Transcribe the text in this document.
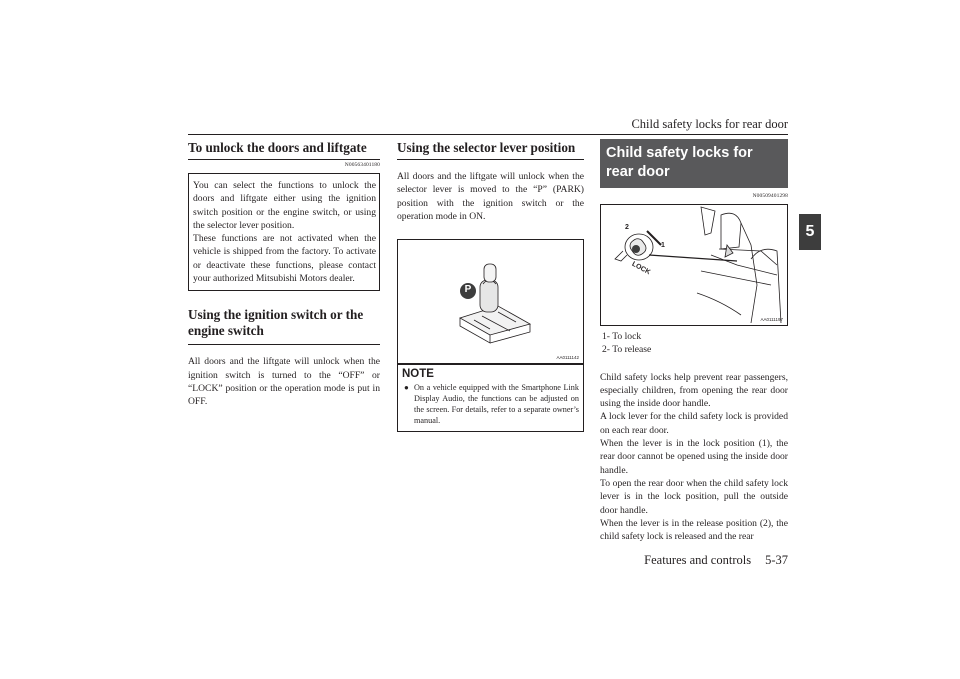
Child safety locks for rear door
5
To unlock the doors and liftgate
N00563401180
You can select the functions to unlock the doors and liftgate either using the ignition switch position or the engine switch, or using the selector lever position.
These functions are not activated when the vehicle is shipped from the factory. To activate or deactivate these functions, please contact your authorized Mitsubishi Motors dealer.
Using the ignition switch or the engine switch
All doors and the liftgate will unlock when the ignition switch is turned to the “OFF” or “LOCK” position or the operation mode is put in OFF.
Using the selector lever position
All doors and the liftgate will unlock when the selector lever is moved to the “P” (PARK) position with the ignition switch or the operation mode in ON.
P
AA0111142
NOTE
● On a vehicle equipped with the Smartphone Link Display Audio, the functions can be adjusted on the screen. For details, refer to a separate owner’s manual.
Child safety locks for rear door
N00509401298
2
1
LOCK
AA0111197
1- To lock
2- To release
Child safety locks help prevent rear passengers, especially children, from opening the rear door using the inside door handle.
A lock lever for the child safety lock is provided on each rear door.
When the lever is in the lock position (1), the rear door cannot be opened using the inside door handle.
To open the rear door when the child safety lock lever is in the lock position, pull the outside door handle.
When the lever is in the release position (2), the child safety lock is released and the rear
Features and controls 5-37
